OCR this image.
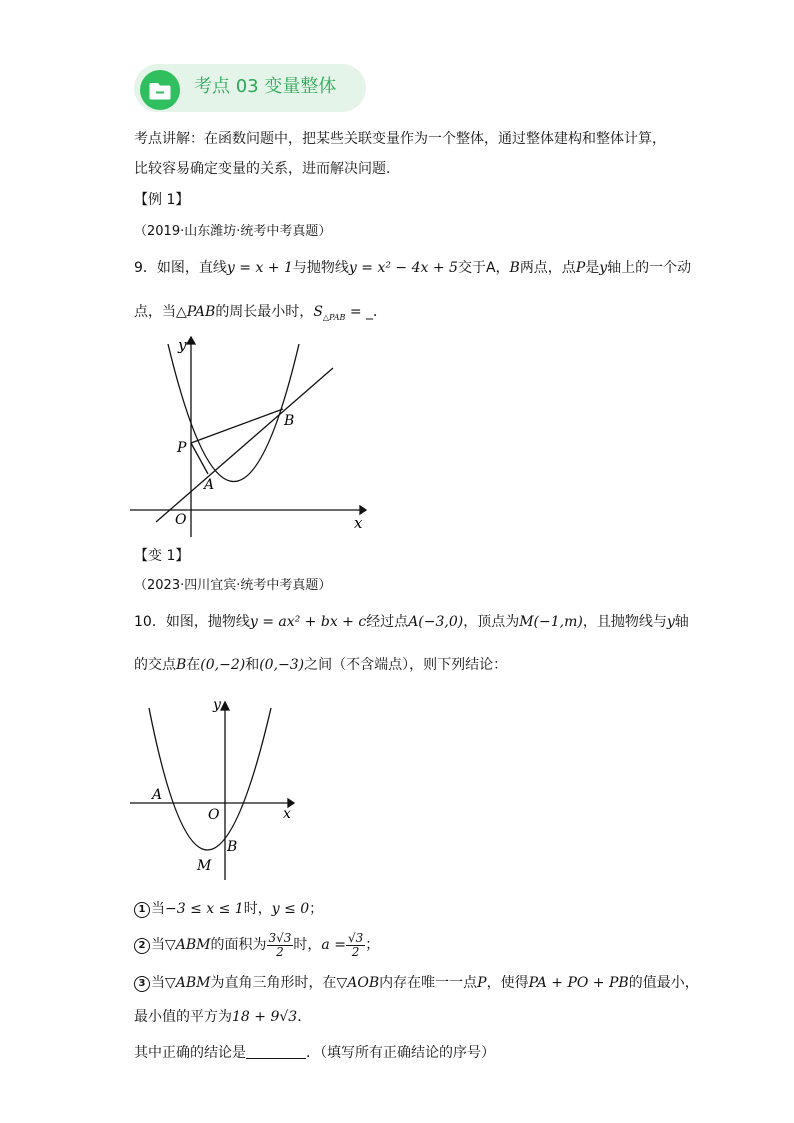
考点 03 变量整体
考点讲解：在函数问题中，把某些关联变量作为一个整体，通过整体建构和整体计算，
比较容易确定变量的关系，进而解决问题．
【例 1】
（2019·山东潍坊·统考中考真题）
9．如图，直线y = x + 1与抛物线y = x² − 4x + 5交于A，B两点，点P是y轴上的一个动
点，当△PAB的周长最小时，$S_{\triangle PAB}$ = _．
y
x
O
P
A
B
【变 1】
（2023·四川宜宾·统考中考真题）
10．如图，抛物线y = ax² + bx + c经过点A(−3,0)，顶点为M(−1,m)，且抛物线与y轴
的交点B在(0,−2)和(0,−3)之间（不含端点），则下列结论：
y
x
O
A
B
M
1 当−3 ≤ x ≤ 1时，y ≤ 0；
2 当▽ABM的面积为 $\frac{3√3}{2}$ 时，$a = \frac{√3}{2}$ ；
3 当▽ABM为直角三角形时，在▽AOB内存在唯一一点P，使得PA + PO + PB的值最小，
最小值的平方为18 + 9√3．
其中正确的结论是	．（填写所有正确结论的序号）
